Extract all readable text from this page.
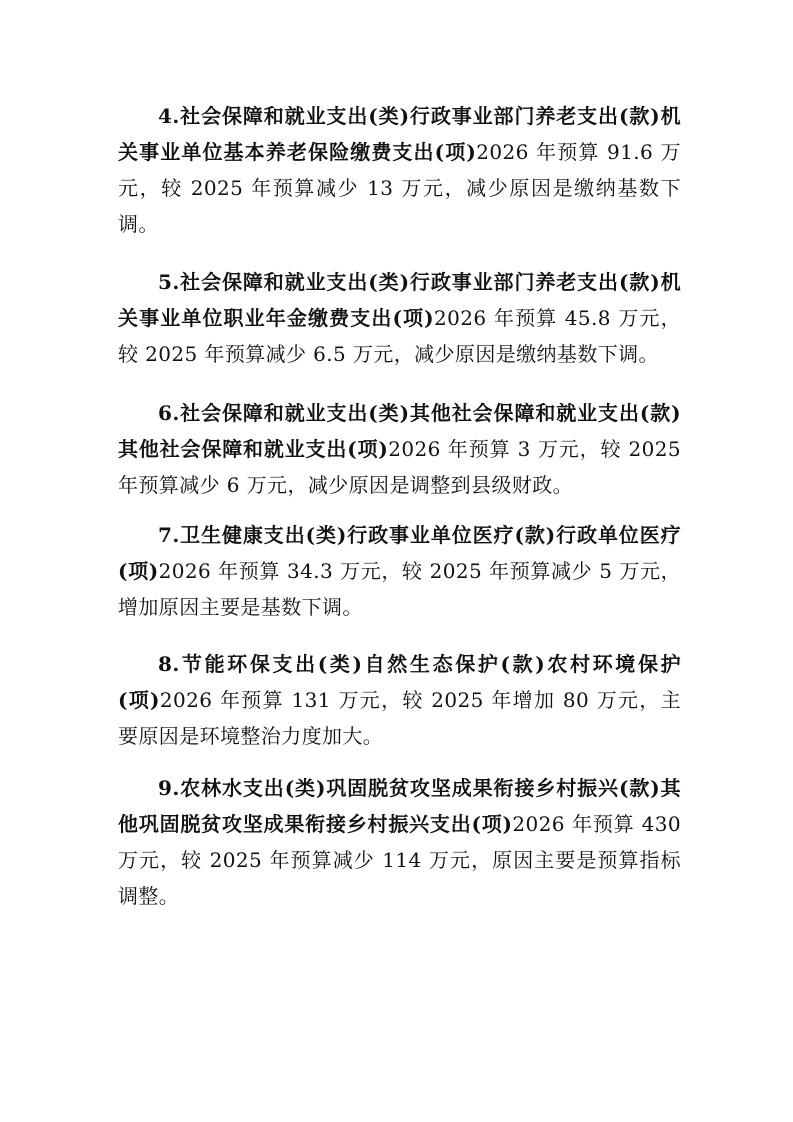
4.社会保障和就业支出(类)行政事业部门养老支出(款)机关事业单位基本养老保险缴费支出(项)2026 年预算 91.6 万元，较 2025 年预算减少 13 万元，减少原因是缴纳基数下调。

5.社会保障和就业支出(类)行政事业部门养老支出(款)机关事业单位职业年金缴费支出(项)2026 年预算 45.8 万元，较 2025 年预算减少 6.5 万元，减少原因是缴纳基数下调。

6.社会保障和就业支出(类)其他社会保障和就业支出(款)其他社会保障和就业支出(项)2026 年预算 3 万元，较 2025 年预算减少 6 万元，减少原因是调整到县级财政。

7.卫生健康支出(类)行政事业单位医疗(款)行政单位医疗(项)2026 年预算 34.3 万元，较 2025 年预算减少 5 万元，增加原因主要是基数下调。

8.节能环保支出(类)自然生态保护(款)农村环境保护(项)2026 年预算 131 万元，较 2025 年增加 80 万元，主要原因是环境整治力度加大。

9.农林水支出(类)巩固脱贫攻坚成果衔接乡村振兴(款)其他巩固脱贫攻坚成果衔接乡村振兴支出(项)2026 年预算 430 万元，较 2025 年预算减少 114 万元，原因主要是预算指标调整。
